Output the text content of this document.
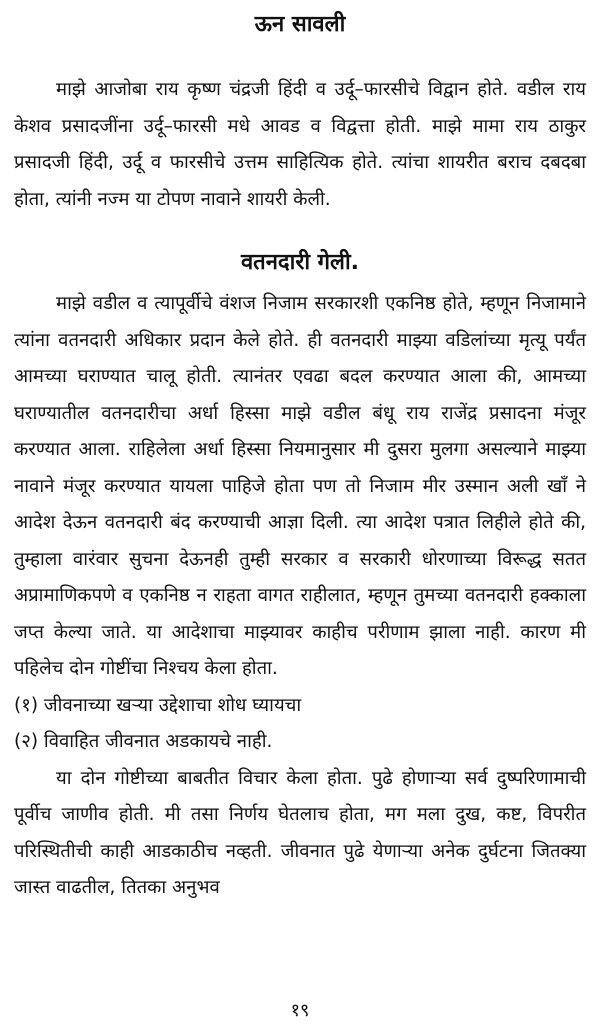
ऊन सावली

माझे आजोबा राय कृष्ण चंद्रजी हिंदी व उर्दू–फारसीचे विद्वान होते. वडील राय केशव प्रसादजींना उर्दू–फारसी मधे आवड व विद्वत्ता होती. माझे मामा राय ठाकुर प्रसादजी हिंदी, उर्दू व फारसीचे उत्तम साहित्यिक होते. त्यांचा शायरीत बराच दबदबा होता, त्यांनी नज्म या टोपण नावाने शायरी केली.

वतनदारी गेली.

माझे वडील व त्यापूर्वीचे वंशज निजाम सरकारशी एकनिष्ठ होते, म्हणून निजामाने त्यांना वतनदारी अधिकार प्रदान केले होते. ही वतनदारी माझ्या वडिलांच्या मृत्यू पर्यंत आमच्या घराण्यात चालू होती. त्यानंतर एवढा बदल करण्यात आला की, आमच्या घराण्यातील वतनदारीचा अर्धा हिस्सा माझे वडील बंधू राय राजेंद्र प्रसादना मंजूर करण्यात आला. राहिलेला अर्धा हिस्सा नियमानुसार मी दुसरा मुलगा असल्याने माझ्या नावाने मंजूर करण्यात यायला पाहिजे होता पण तो निजाम मीर उस्मान अली खाँ ने आदेश देऊन वतनदारी बंद करण्याची आज्ञा दिली. त्या आदेश पत्रात लिहीले होते की, तुम्हाला वारंवार सुचना देऊनही तुम्ही सरकार व सरकारी धोरणाच्या विरूद्ध सतत अप्रामाणिकपणे व एकनिष्ठ न राहता वागत राहीलात, म्हणून तुमच्या वतनदारी हक्काला जप्त केल्या जाते. या आदेशाचा माझ्यावर काहीच परीणाम झाला नाही. कारण मी पहिलेच दोन गोष्टींचा निश्चय केला होता.

(१) जीवनाच्या खऱ्या उद्देशाचा शोध घ्यायचा

(२) विवाहित जीवनात अडकायचे नाही.

या दोन गोष्टीच्या बाबतीत विचार केला होता. पुढे होणाऱ्या सर्व दुष्परिणामाची पूर्वीच जाणीव होती. मी तसा निर्णय घेतलाच होता, मग मला दुख, कष्ट, विपरीत परिस्थितीची काही आडकाठीच नव्हती. जीवनात पुढे येणाऱ्या अनेक दुर्घटना जितक्या जास्त वाढतील, तितका अनुभव

१९
